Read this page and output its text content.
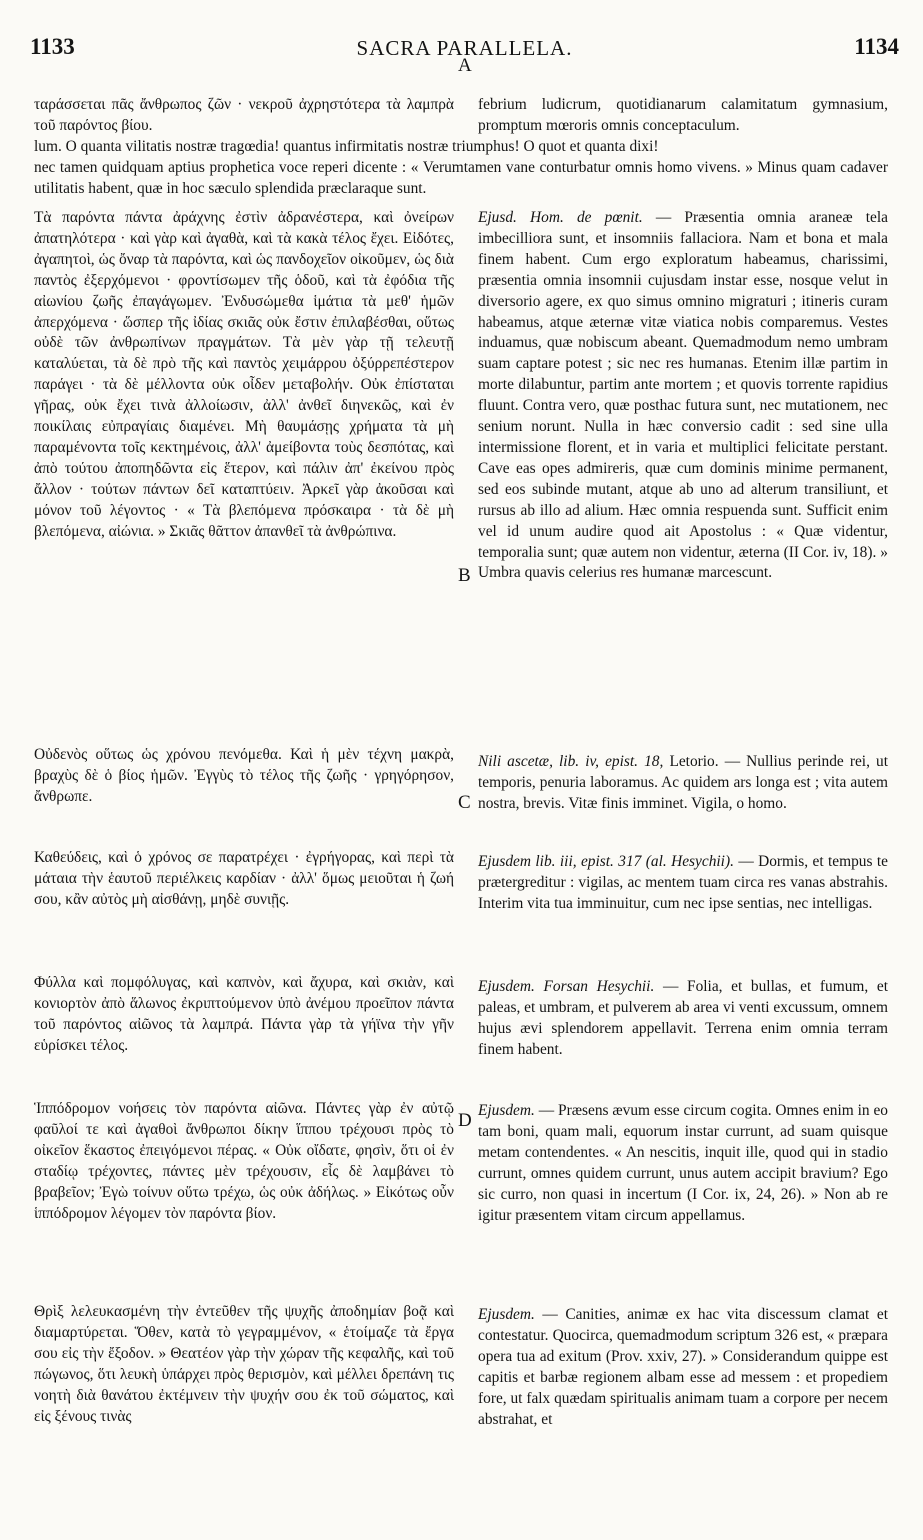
1133	SACRA PARALLELA.	1134
ταράσσεται πᾶς ἄνθρωπος ζῶν · νεκροῦ ἀχρηστότερα τὰ λαμπρὰ τοῦ παρόντος βίου.febrium ludicrum, quotidianarum calamitatum gymnasium, promptum mœroris omnis conceptaculum.
lum. O quanta vilitatis nostræ tragœdia! quantus infirmitatis nostræ triumphus! O quot et quanta dixi!
nec tamen quidquam aptius prophetica voce reperi dicente : « Verumtamen vane conturbatur omnis homo vivens. » Minus quam cadaver utilitatis habent, quæ in hoc sæculo splendida præclaraque sunt.
A
B
C
D
Τὰ παρόντα πάντα ἀράχνης ἐστὶν ἀδρανέστερα, καὶ ὀνείρων ἀπατηλότερα · καὶ γὰρ καὶ ἀγαθὰ, καὶ τὰ κακὰ τέλος ἔχει. Εἰδότες, ἀγαπητοὶ, ὡς ὄναρ τὰ παρόντα, καὶ ὡς πανδοχεῖον οἰκοῦμεν, ὡς διὰ παντὸς ἐξερχόμενοι · φροντίσωμεν τῆς ὁδοῦ, καὶ τὰ ἐφόδια τῆς αἰωνίου ζωῆς ἐπαγάγωμεν. Ἐνδυσώμεθα ἱμάτια τὰ μεθ' ἡμῶν ἀπερχόμενα · ὥσπερ τῆς ἰδίας σκιᾶς οὐκ ἔστιν ἐπιλαβέσθαι, οὕτως οὐδὲ τῶν ἀνθρωπίνων πραγμάτων. Τὰ μὲν γὰρ τῇ τελευτῇ καταλύεται, τὰ δὲ πρὸ τῆς καὶ παντὸς χειμάρρου ὀξύρρεπέστερον παράγει · τὰ δὲ μέλλοντα οὐκ οἶδεν μεταβολήν. Οὐκ ἐπίσταται γῆρας, οὐκ ἔχει τινὰ ἀλλοίωσιν, ἀλλ' ἀνθεῖ διηνεκῶς, καὶ ἐν ποικίλαις εὐπραγίαις διαμένει. Μὴ θαυμάσῃς χρήματα τὰ μὴ παραμένοντα τοῖς κεκτημένοις, ἀλλ' ἀμείβοντα τοὺς δεσπότας, καὶ ἀπὸ τούτου ἀποπηδῶντα εἰς ἕτερον, καὶ πάλιν ἀπ' ἐκείνου πρὸς ἄλλον · τούτων πάντων δεῖ καταπτύειν. Ἀρκεῖ γὰρ ἀκοῦσαι καὶ μόνον τοῦ λέγοντος · « Τὰ βλεπόμενα πρόσκαιρα · τὰ δὲ μὴ βλεπόμενα, αἰώνια. » Σκιᾶς θᾶττον ἀπανθεῖ τὰ ἀνθρώπινα.
Οὐδενὸς οὕτως ὡς χρόνου πενόμεθα. Καὶ ἡ μὲν τέχνη μακρὰ, βραχὺς δὲ ὁ βίος ἡμῶν. Ἐγγὺς τὸ τέλος τῆς ζωῆς · γρηγόρησον, ἄνθρωπε.
Καθεύδεις, καὶ ὁ χρόνος σε παρατρέχει · ἐγρήγορας, καὶ περὶ τὰ μάταια τὴν ἑαυτοῦ περιέλκεις καρδίαν · ἀλλ' ὅμως μειοῦται ἡ ζωή σου, κἂν αὐτὸς μὴ αἰσθάνῃ, μηδὲ συνιῇς.
Φύλλα καὶ πομφόλυγας, καὶ καπνὸν, καὶ ἄχυρα, καὶ σκιὰν, καὶ κονιορτὸν ἀπὸ ἅλωνος ἐκριπτούμενον ὑπὸ ἀνέμου προεῖπον πάντα τοῦ παρόντος αἰῶνος τὰ λαμπρά. Πάντα γὰρ τὰ γήϊνα τὴν γῆν εὑρίσκει τέλος.
Ἱππόδρομον νοήσεις τὸν παρόντα αἰῶνα. Πάντες γὰρ ἐν αὐτῷ φαῦλοί τε καὶ ἀγαθοὶ ἄνθρωποι δίκην ἵππου τρέχουσι πρὸς τὸ οἰκεῖον ἕκαστος ἐπειγόμενοι πέρας. « Οὐκ οἴδατε, φησὶν, ὅτι οἱ ἐν σταδίῳ τρέχοντες, πάντες μὲν τρέχουσιν, εἷς δὲ λαμβάνει τὸ βραβεῖον; Ἐγὼ τοίνυν οὕτω τρέχω, ὡς οὐκ ἀδήλως. » Εἰκότως οὖν ἱππόδρομον λέγομεν τὸν παρόντα βίον.
Θρὶξ λελευκασμένη τὴν ἐντεῦθεν τῆς ψυχῆς ἀποδημίαν βοᾷ καὶ διαμαρτύρεται. Ὅθεν, κατὰ τὸ γεγραμμένον, « ἑτοίμαζε τὰ ἔργα σου εἰς τὴν ἔξοδον. » Θεατέον γὰρ τὴν χώραν τῆς κεφαλῆς, καὶ τοῦ πώγωνος, ὅτι λευκὴ ὑπάρχει πρὸς θερισμὸν, καὶ μέλλει δρεπάνη τις νοητὴ διὰ θανάτου ἐκτέμνειν τὴν ψυχήν σου ἐκ τοῦ σώματος, καὶ εἰς ξένους τινὰς
Ejusd. Hom. de pœnit. — Præsentia omnia araneæ tela imbecilliora sunt, et insomniis fallaciora. Nam et bona et mala finem habent. Cum ergo exploratum habeamus, charissimi, præsentia omnia insomnii cujusdam instar esse, nosque velut in diversorio agere, ex quo simus omnino migraturi ; itineris curam habeamus, atque æternæ vitæ viatica nobis comparemus. Vestes induamus, quæ nobiscum abeant. Quemadmodum nemo umbram suam captare potest ; sic nec res humanas. Etenim illæ partim in morte dilabuntur, partim ante mortem ; et quovis torrente rapidius fluunt. Contra vero, quæ posthac futura sunt, nec mutationem, nec senium norunt. Nulla in hæc conversio cadit : sed sine ulla intermissione florent, et in varia et multiplici felicitate perstant. Cave eas opes admireris, quæ cum dominis minime permanent, sed eos subinde mutant, atque ab uno ad alterum transiliunt, et rursus ab illo ad alium. Hæc omnia respuenda sunt. Sufficit enim vel id unum audire quod ait Apostolus : « Quæ videntur, temporalia sunt; quæ autem non videntur, æterna (II Cor. iv, 18). » Umbra quavis celerius res humanæ marcescunt.
Nili ascetæ, lib. iv, epist. 18, Letorio. — Nullius perinde rei, ut temporis, penuria laboramus. Ac quidem ars longa est ; vita autem nostra, brevis. Vitæ finis imminet. Vigila, o homo.
Ejusdem lib. iii, epist. 317 (al. Hesychii). — Dormis, et tempus te prætergreditur : vigilas, ac mentem tuam circa res vanas abstrahis. Interim vita tua imminuitur, cum nec ipse sentias, nec intelligas.
Ejusdem. Forsan Hesychii. — Folia, et bullas, et fumum, et paleas, et umbram, et pulverem ab area vi venti excussum, omnem hujus ævi splendorem appellavit. Terrena enim omnia terram finem habent.
Ejusdem. — Præsens ævum esse circum cogita. Omnes enim in eo tam boni, quam mali, equorum instar currunt, ad suam quisque metam contendentes. « An nescitis, inquit ille, quod qui in stadio currunt, omnes quidem currunt, unus autem accipit bravium? Ego sic curro, non quasi in incertum (I Cor. ix, 24, 26). » Non ab re igitur præsentem vitam circum appellamus.
Ejusdem. — Canities, animæ ex hac vita discessum clamat et contestatur. Quocirca, quemadmodum scriptum 326 est, « præpara opera tua ad exitum (Prov. xxiv, 27). » Considerandum quippe est capitis et barbæ regionem albam esse ad messem : et propediem fore, ut falx quædam spiritualis animam tuam a corpore per necem abstrahat, et
